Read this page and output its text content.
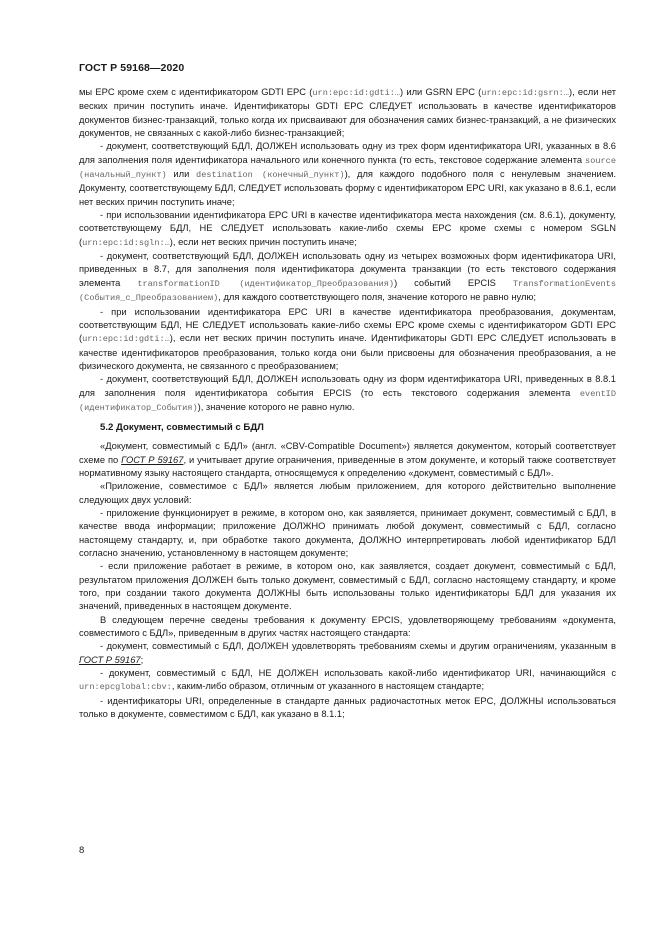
ГОСТ Р 59168—2020

мы EPC кроме схем с идентификатором GDTI EPC (urn:epc:id:gdti:…) или GSRN EPC (urn:epc:id:gsrn:…), если нет веских причин поступить иначе. Идентификаторы GDTI EPC СЛЕДУЕТ использовать в качестве идентификаторов документов бизнес-транзакций, только когда их присваивают для обозначения самих бизнес-транзакций, а не физических документов, не связанных с какой-либо бизнес-транзакцией;

- документ, соответствующий БДЛ, ДОЛЖЕН использовать одну из трех форм идентификатора URI, указанных в 8.6 для заполнения поля идентификатора начального или конечного пункта (то есть, текстовое содержание элемента source (начальный_пункт) или destination (конечный_пункт)), для каждого подобного поля с ненулевым значением. Документу, соответствующему БДЛ, СЛЕДУЕТ использовать форму с идентификатором EPC URI, как указано в 8.6.1, если нет веских причин поступить иначе;

- при использовании идентификатора EPC URI в качестве идентификатора места нахождения (см. 8.6.1), документу, соответствующему БДЛ, НЕ СЛЕДУЕТ использовать какие-либо схемы EPC кроме схемы с номером SGLN (urn:epc:id:sgln:…), если нет веских причин поступить иначе;

- документ, соответствующий БДЛ, ДОЛЖЕН использовать одну из четырех возможных форм идентификатора URI, приведенных в 8.7, для заполнения поля идентификатора документа транзакции (то есть текстового содержания элемента transformationID (идентификатор_Преобразования)) событий EPCIS TransformationEvents (События_с_Преобразованием), для каждого соответствующего поля, значение которого не равно нулю;

- при использовании идентификатора EPC URI в качестве идентификатора преобразования, документам, соответствующим БДЛ, НЕ СЛЕДУЕТ использовать какие-либо схемы EPC кроме схемы с идентификатором GDTI EPC (urn:epc:id:gdti:…), если нет веских причин поступить иначе. Идентификаторы GDTI EPC СЛЕДУЕТ использовать в качестве идентификаторов преобразования, только когда они были присвоены для обозначения преобразования, а не физического документа, не связанного с преобразованием;

- документ, соответствующий БДЛ, ДОЛЖЕН использовать одну из форм идентификатора URI, приведенных в 8.8.1 для заполнения поля идентификатора события EPCIS (то есть текстового содержания элемента eventID (идентификатор_События)), значение которого не равно нулю.

5.2 Документ, совместимый с БДЛ

«Документ, совместимый с БДЛ» (англ. «CBV-Compatible Document») является документом, который соответствует схеме по ГОСТ Р 59167, и учитывает другие ограничения, приведенные в этом документе, и который также соответствует нормативному языку настоящего стандарта, относящемуся к определению «документ, совместимый с БДЛ».

«Приложение, совместимое с БДЛ» является любым приложением, для которого действительно выполнение следующих двух условий:

- приложение функционирует в режиме, в котором оно, как заявляется, принимает документ, совместимый с БДЛ, в качестве ввода информации; приложение ДОЛЖНО принимать любой документ, совместимый с БДЛ, согласно настоящему стандарту, и, при обработке такого документа, ДОЛЖНО интерпретировать любой идентификатор БДЛ согласно значению, установленному в настоящем документе;

- если приложение работает в режиме, в котором оно, как заявляется, создает документ, совместимый с БДЛ, результатом приложения ДОЛЖЕН быть только документ, совместимый с БДЛ, согласно настоящему стандарту, и кроме того, при создании такого документа ДОЛЖНЫ быть использованы только идентификаторы БДЛ для указания их значений, приведенных в настоящем документе.

В следующем перечне сведены требования к документу EPCIS, удовлетворяющему требованиям «документа, совместимого с БДЛ», приведенным в других частях настоящего стандарта:

- документ, совместимый с БДЛ, ДОЛЖЕН удовлетворять требованиям схемы и другим ограничениям, указанным в ГОСТ Р 59167;

- документ, совместимый с БДЛ, НЕ ДОЛЖЕН использовать какой-либо идентификатор URI, начинающийся с urn:epcglobal:cbv:, каким-либо образом, отличным от указанного в настоящем стандарте;

- идентификаторы URI, определенные в стандарте данных радиочастотных меток EPC, ДОЛЖНЫ использоваться только в документе, совместимом с БДЛ, как указано в 8.1.1;

8
